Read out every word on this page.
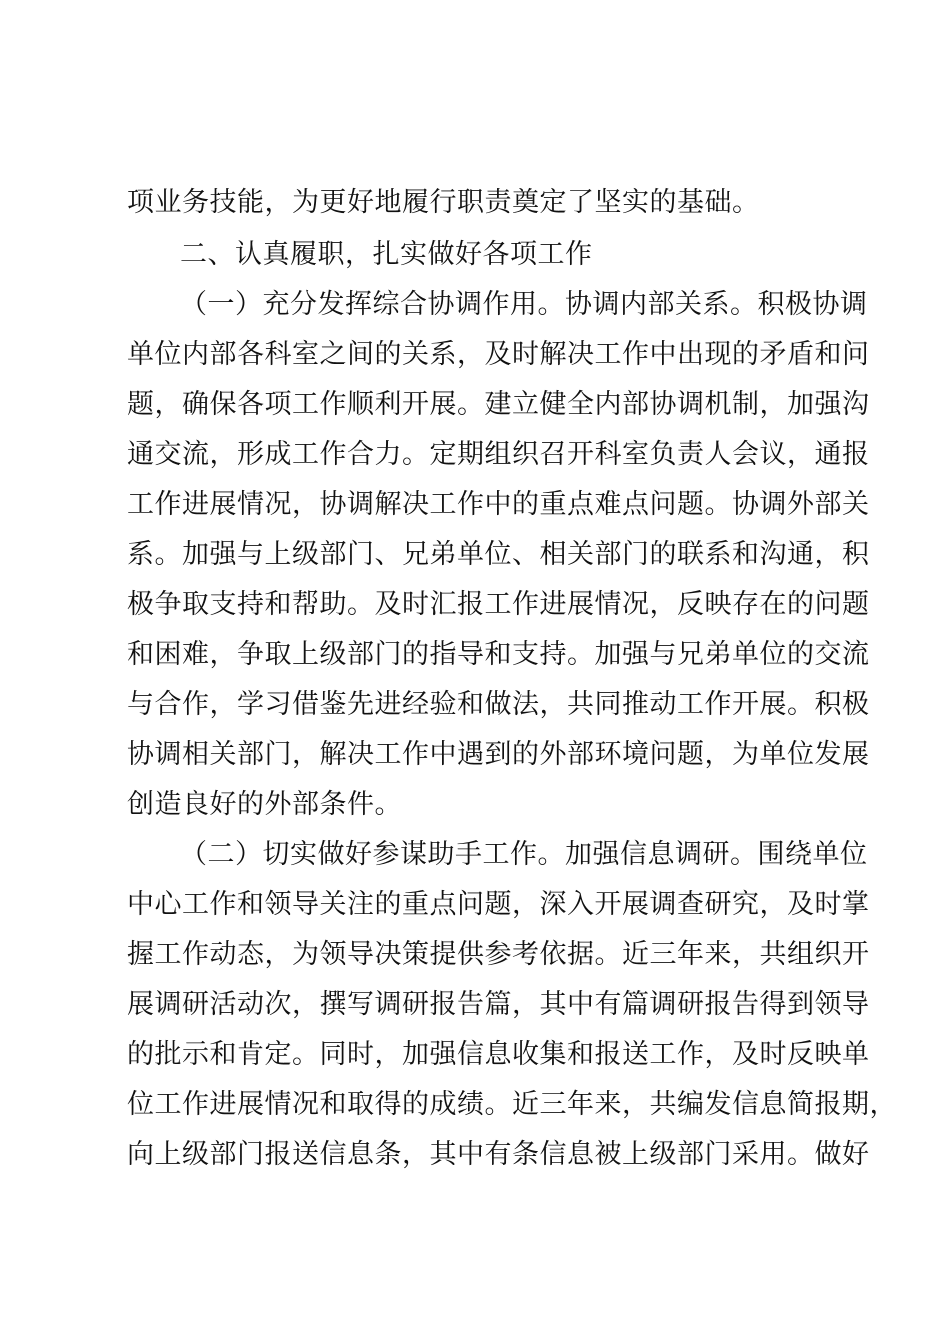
项业务技能，为更好地履行职责奠定了坚实的基础。
二、认真履职，扎实做好各项工作
（一）充分发挥综合协调作用。协调内部关系。积极协调
单位内部各科室之间的关系，及时解决工作中出现的矛盾和问
题，确保各项工作顺利开展。建立健全内部协调机制，加强沟
通交流，形成工作合力。定期组织召开科室负责人会议，通报
工作进展情况，协调解决工作中的重点难点问题。协调外部关
系。加强与上级部门、兄弟单位、相关部门的联系和沟通，积
极争取支持和帮助。及时汇报工作进展情况，反映存在的问题
和困难，争取上级部门的指导和支持。加强与兄弟单位的交流
与合作，学习借鉴先进经验和做法，共同推动工作开展。积极
协调相关部门，解决工作中遇到的外部环境问题，为单位发展
创造良好的外部条件。
（二）切实做好参谋助手工作。加强信息调研。围绕单位
中心工作和领导关注的重点问题，深入开展调查研究，及时掌
握工作动态，为领导决策提供参考依据。近三年来，共组织开
展调研活动次，撰写调研报告篇，其中有篇调研报告得到领导
的批示和肯定。同时，加强信息收集和报送工作，及时反映单
位工作进展情况和取得的成绩。近三年来，共编发信息简报期，
向上级部门报送信息条，其中有条信息被上级部门采用。做好
